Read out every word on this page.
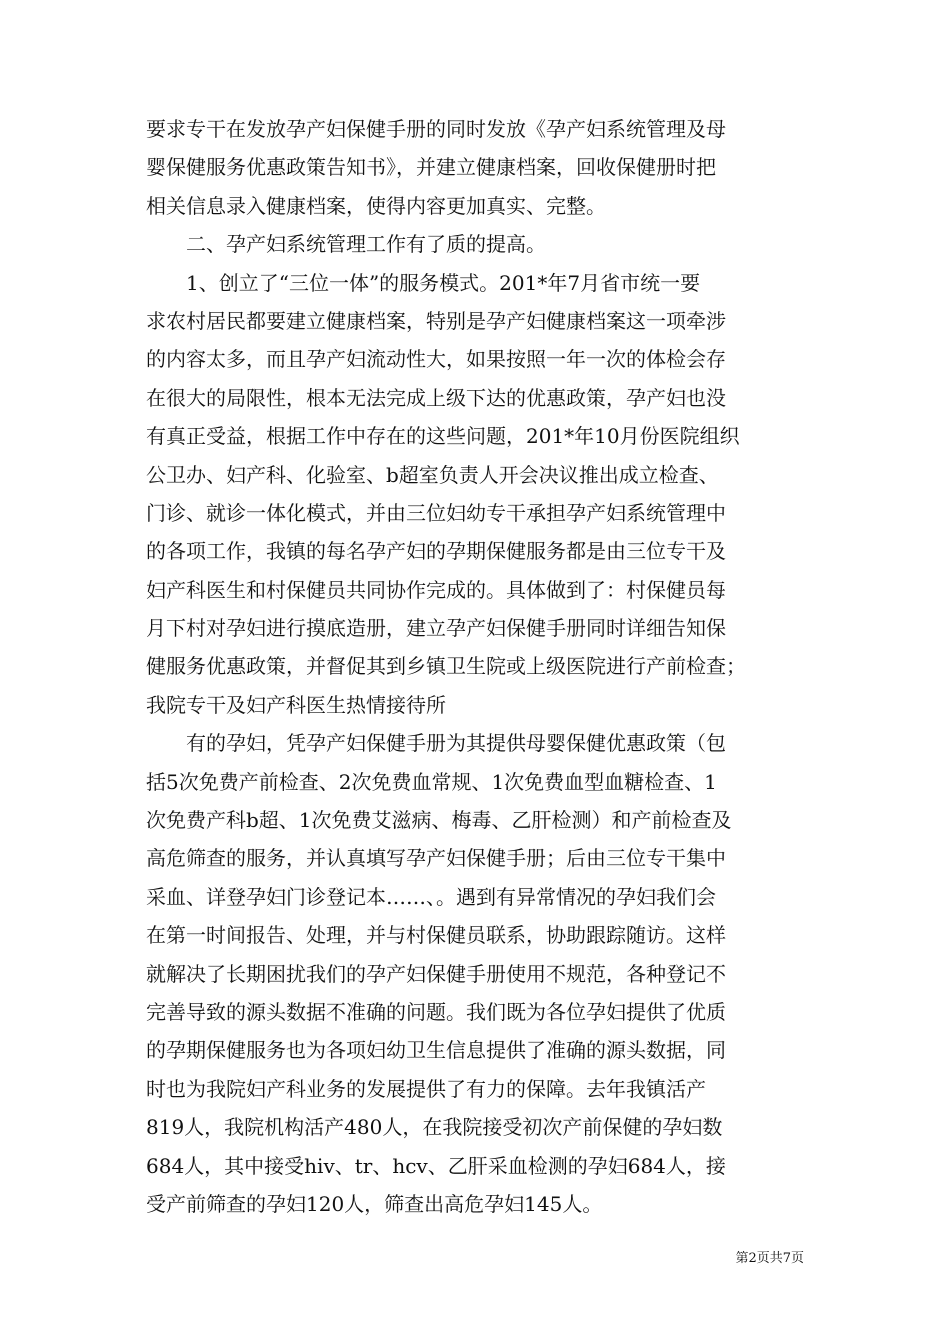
要求专干在发放孕产妇保健手册的同时发放《孕产妇系统管理及母
婴保健服务优惠政策告知书》，并建立健康档案，回收保健册时把
相关信息录入健康档案，使得内容更加真实、完整。
二、孕产妇系统管理工作有了质的提高。
1、创立了“三位一体”的服务模式。201*年7月省市统一要
求农村居民都要建立健康档案，特别是孕产妇健康档案这一项牵涉
的内容太多，而且孕产妇流动性大，如果按照一年一次的体检会存
在很大的局限性，根本无法完成上级下达的优惠政策，孕产妇也没
有真正受益，根据工作中存在的这些问题，201*年10月份医院组织
公卫办、妇产科、化验室、b超室负责人开会决议推出成立检查、
门诊、就诊一体化模式，并由三位妇幼专干承担孕产妇系统管理中
的各项工作，我镇的每名孕产妇的孕期保健服务都是由三位专干及
妇产科医生和村保健员共同协作完成的。具体做到了：村保健员每
月下村对孕妇进行摸底造册，建立孕产妇保健手册同时详细告知保
健服务优惠政策，并督促其到乡镇卫生院或上级医院进行产前检查；
我院专干及妇产科医生热情接待所
有的孕妇，凭孕产妇保健手册为其提供母婴保健优惠政策（包
括5次免费产前检查、2次免费血常规、1次免费血型血糖检查、1
次免费产科b超、1次免费艾滋病、梅毒、乙肝检测）和产前检查及
高危筛查的服务，并认真填写孕产妇保健手册；后由三位专干集中
采血、详登孕妇门诊登记本……、。遇到有异常情况的孕妇我们会
在第一时间报告、处理，并与村保健员联系，协助跟踪随访。这样
就解决了长期困扰我们的孕产妇保健手册使用不规范，各种登记不
完善导致的源头数据不准确的问题。我们既为各位孕妇提供了优质
的孕期保健服务也为各项妇幼卫生信息提供了准确的源头数据，同
时也为我院妇产科业务的发展提供了有力的保障。去年我镇活产
819人，我院机构活产480人，在我院接受初次产前保健的孕妇数
684人，其中接受hiv、tr、hcv、乙肝采血检测的孕妇684人，接
受产前筛查的孕妇120人，筛查出高危孕妇145人。
第2页共7页
